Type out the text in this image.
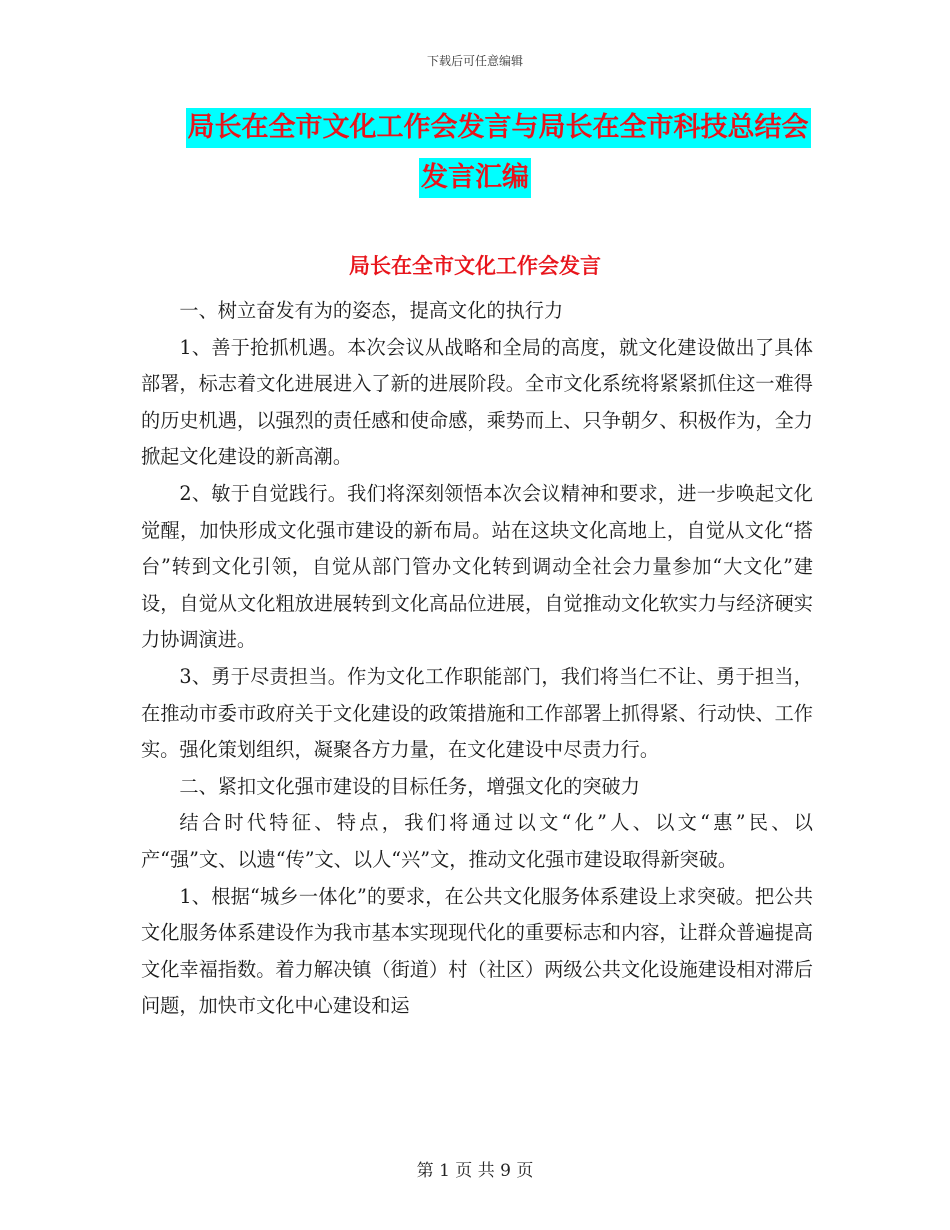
下载后可任意编辑
局长在全市文化工作会发言与局长在全市科技总结会
发言汇编
局长在全市文化工作会发言

一、树立奋发有为的姿态，提高文化的执行力

1、善于抢抓机遇。本次会议从战略和全局的高度，就文化建设做出了具体部署，标志着文化进展进入了新的进展阶段。全市文化系统将紧紧抓住这一难得的历史机遇，以强烈的责任感和使命感，乘势而上、只争朝夕、积极作为，全力掀起文化建设的新高潮。

2、敏于自觉践行。我们将深刻领悟本次会议精神和要求，进一步唤起文化觉醒，加快形成文化强市建设的新布局。站在这块文化高地上，自觉从文化“搭台”转到文化引领，自觉从部门管办文化转到调动全社会力量参加“大文化”建设，自觉从文化粗放进展转到文化高品位进展，自觉推动文化软实力与经济硬实力协调演进。

3、勇于尽责担当。作为文化工作职能部门，我们将当仁不让、勇于担当，在推动市委市政府关于文化建设的政策措施和工作部署上抓得紧、行动快、工作实。强化策划组织，凝聚各方力量，在文化建设中尽责力行。

二、紧扣文化强市建设的目标任务，增强文化的突破力

结合时代特征、特点，我们将通过以文“化”人、以文“惠”民、以产“强”文、以遗“传”文、以人“兴”文，推动文化强市建设取得新突破。

1、根据“城乡一体化”的要求，在公共文化服务体系建设上求突破。把公共文化服务体系建设作为我市基本实现现代化的重要标志和内容，让群众普遍提高文化幸福指数。着力解决镇（街道）村（社区）两级公共文化设施建设相对滞后问题，加快市文化中心建设和运

第 1 页 共 9 页
